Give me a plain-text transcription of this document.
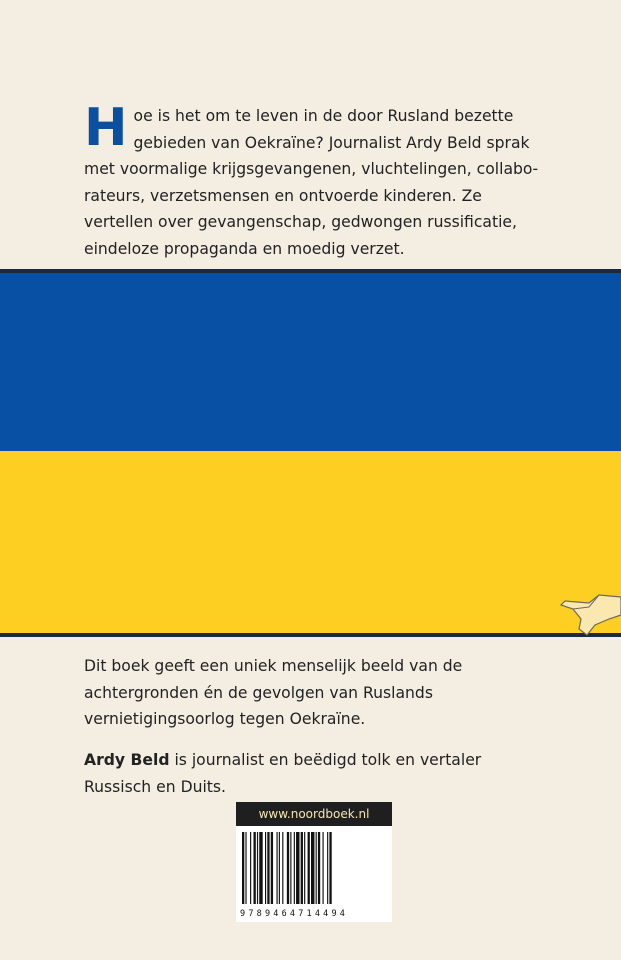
Hoe is het om te leven in de door Rusland bezette gebieden van Oekraïne? Journalist Ardy Beld sprak met voormalige krijgsgevangenen, vluchtelingen, collaborateurs, verzetsmensen en ontvoerde kinderen. Ze vertellen over gevangenschap, gedwongen russificatie, eindeloze propaganda en moedig verzet.

Dit boek geeft een uniek menselijk beeld van de achtergronden én de gevolgen van Ruslands vernietigingsoorlog tegen Oekraïne.

Ardy Beld is journalist en beëdigd tolk en vertaler Russisch en Duits.

www.noordboek.nl
9789464714494
